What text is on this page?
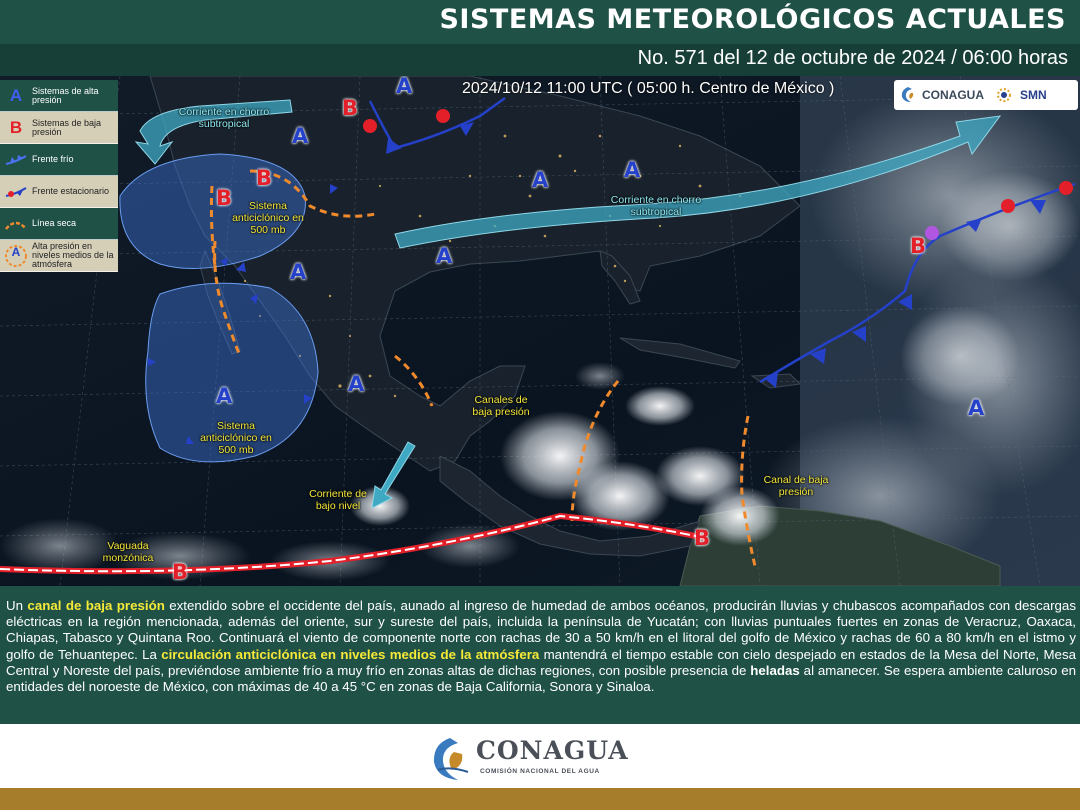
SISTEMAS METEOROLÓGICOS ACTUALES
No. 571 del 12 de octubre de 2024 / 06:00 horas
A
A
A	A
A
A
A
A	A
B
B
B
B
B
B
Corriente en chorro subtropical
Corriente en chorro subtropical
Sistema anticiclónico en 500 mb
Sistema anticiclónico en 500 mb
Canales de baja presión
Corriente de bajo nivel
Vaguada monzónica
Canal de baja presión
2024/10/12 11:00 UTC ( 05:00 h. Centro de México )	CONAGUA	SMN
A	Sistemas de alta presión
B	Sistemas de baja presión
Frente frío
Frente estacionario
Línea seca
A	Alta presión en niveles medios de la atmósfera

Un canal de baja presión extendido sobre el occidente del país, aunado al ingreso de humedad de ambos océanos, producirán lluvias y chubascos acompañados con descargas eléctricas en la región mencionada, además del oriente, sur y sureste del país, incluida la península de Yucatán; con lluvias puntuales fuertes en zonas de Veracruz, Oaxaca, Chiapas, Tabasco y Quintana Roo. Continuará el viento de componente norte con rachas de 30 a 50 km/h en el litoral del golfo de México y rachas de 60 a 80 km/h en el istmo y golfo de Tehuantepec. La circulación anticiclónica en niveles medios de la atmósfera mantendrá el tiempo estable con cielo despejado en estados de la Mesa del Norte, Mesa Central y Noreste del país, previéndose ambiente frío a muy frío en zonas altas de dichas regiones, con posible presencia de heladas al amanecer. Se espera ambiente caluroso en entidades del noroeste de México, con máximas de 40 a 45 °C en zonas de Baja California, Sonora y Sinaloa.

CONAGUA
COMISIÓN NACIONAL DEL AGUA
